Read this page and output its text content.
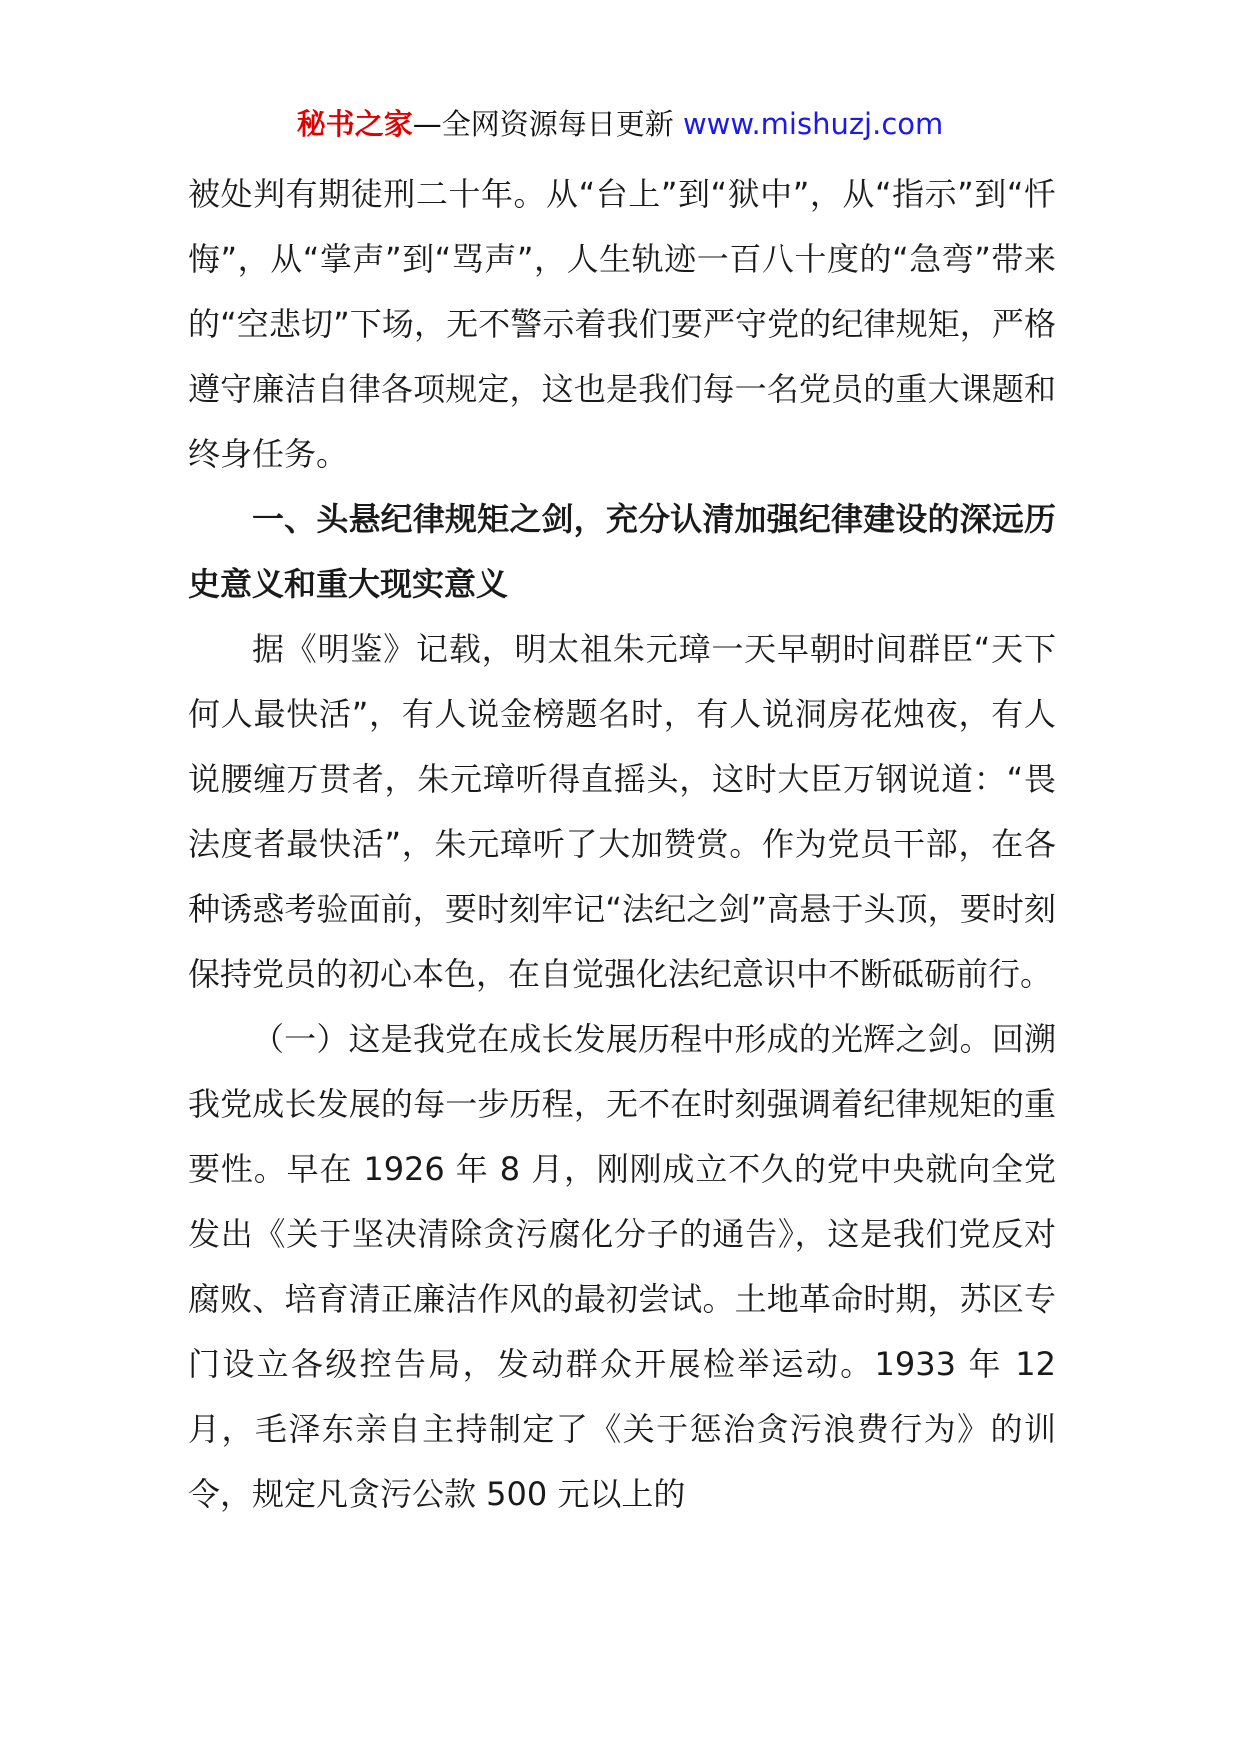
秘书之家—全网资源每日更新 www.mishuzj.com

被处判有期徒刑二十年。从“台上”到“狱中”，从“指示”到“忏悔”，从“掌声”到“骂声”，人生轨迹一百八十度的“急弯”带来的“空悲切”下场，无不警示着我们要严守党的纪律规矩，严格遵守廉洁自律各项规定，这也是我们每一名党员的重大课题和终身任务。

一、头悬纪律规矩之剑，充分认清加强纪律建设的深远历史意义和重大现实意义

据《明鉴》记载，明太祖朱元璋一天早朝时间群臣“天下何人最快活”，有人说金榜题名时，有人说洞房花烛夜，有人说腰缠万贯者，朱元璋听得直摇头，这时大臣万钢说道：“畏法度者最快活”，朱元璋听了大加赞赏。作为党员干部，在各种诱惑考验面前，要时刻牢记“法纪之剑”高悬于头顶，要时刻保持党员的初心本色，在自觉强化法纪意识中不断砥砺前行。

（一）这是我党在成长发展历程中形成的光辉之剑。回溯我党成长发展的每一步历程，无不在时刻强调着纪律规矩的重要性。早在 1926 年 8 月，刚刚成立不久的党中央就向全党发出《关于坚决清除贪污腐化分子的通告》，这是我们党反对腐败、培育清正廉洁作风的最初尝试。土地革命时期，苏区专门设立各级控告局，发动群众开展检举运动。1933 年 12 月，毛泽东亲自主持制定了《关于惩治贪污浪费行为》的训令，规定凡贪污公款 500 元以上的
